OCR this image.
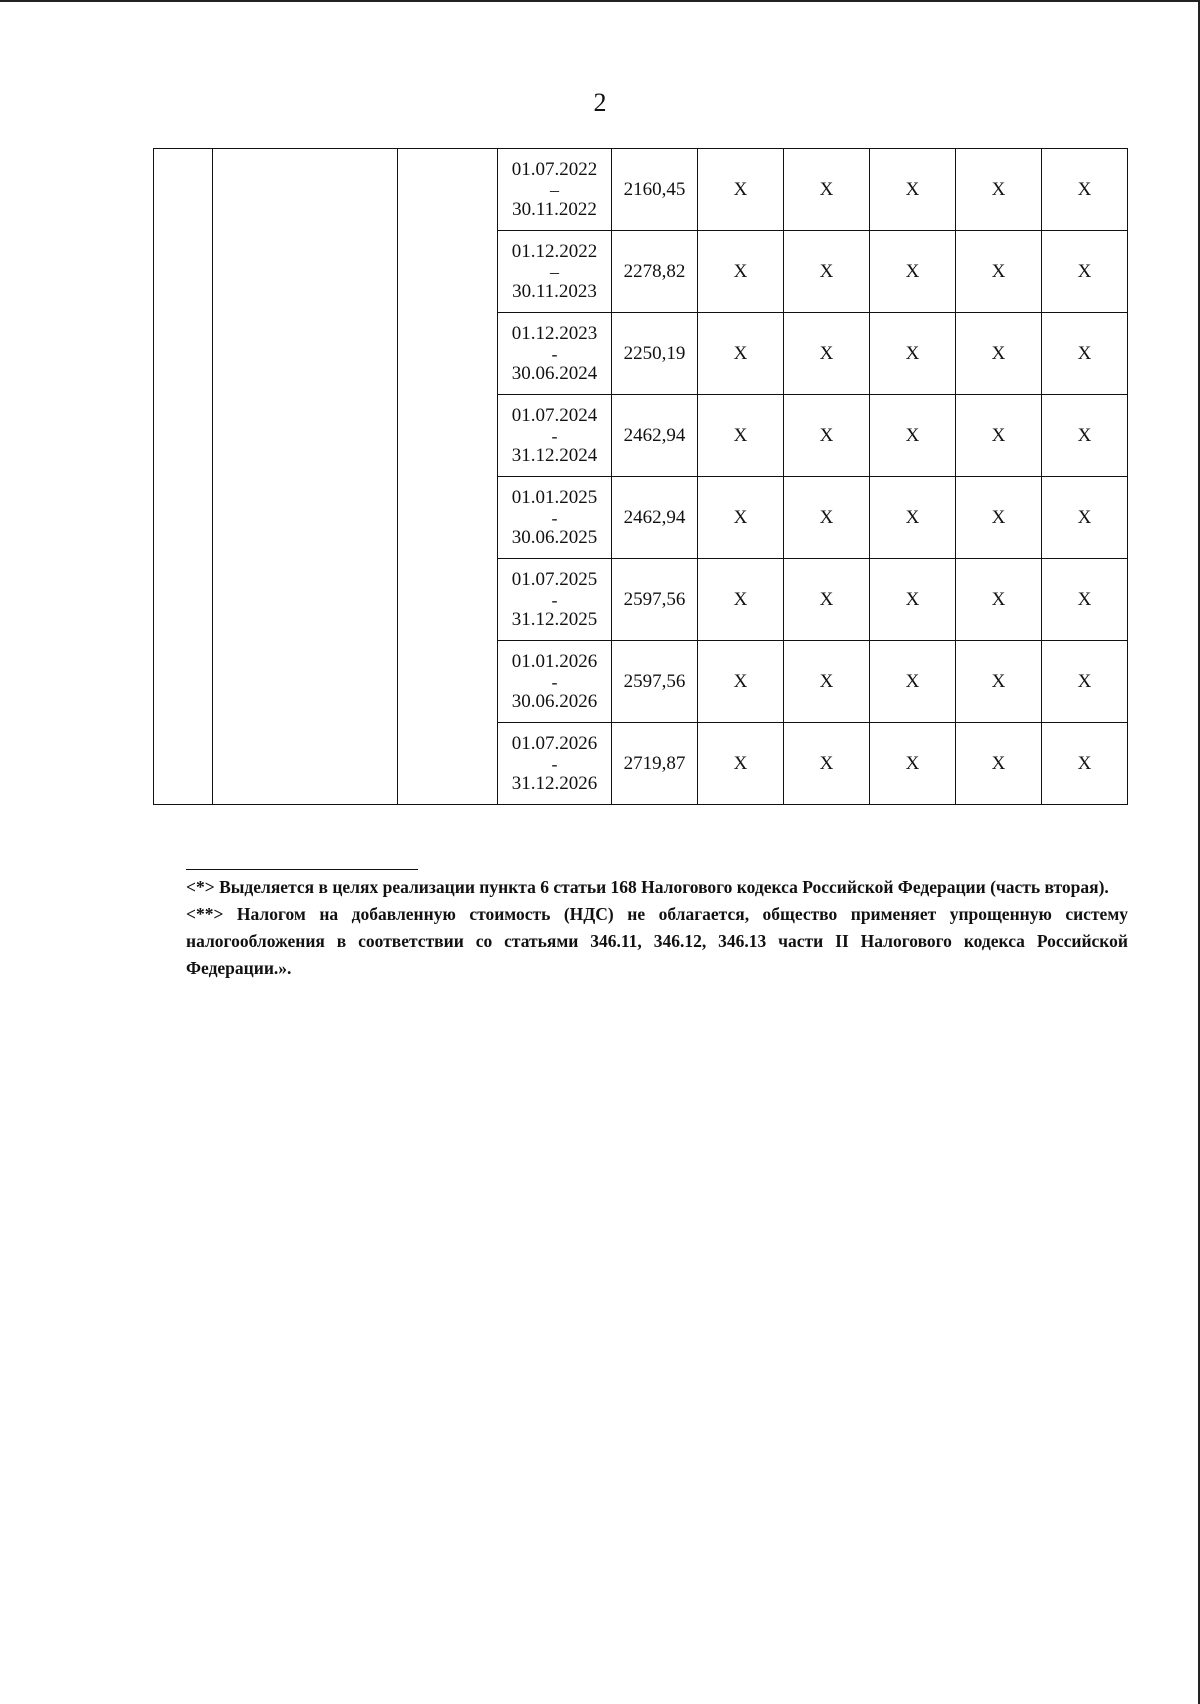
2

			01.07.2022
–
30.11.2022	2160,45	X	X	X	X	X

			01.12.2022
–
30.11.2023	2278,82	X	X	X	X	X

			01.12.2023
-
30.06.2024	2250,19	X	X	X	X	X

			01.07.2024
-
31.12.2024	2462,94	X	X	X	X	X

			01.01.2025
-
30.06.2025	2462,94	X	X	X	X	X

			01.07.2025
-
31.12.2025	2597,56	X	X	X	X	X

			01.01.2026
-
30.06.2026	2597,56	X	X	X	X	X

			01.07.2026
-
31.12.2026	2719,87	X	X	X	X	X

<*> Выделяется в целях реализации пункта 6 статьи 168 Налогового кодекса Российской Федерации (часть вторая).

<**> Налогом на добавленную стоимость (НДС) не облагается, общество применяет упрощенную систему налогообложения в соответствии со статьями 346.11, 346.12, 346.13 части II Налогового кодекса Российской Федерации.».
